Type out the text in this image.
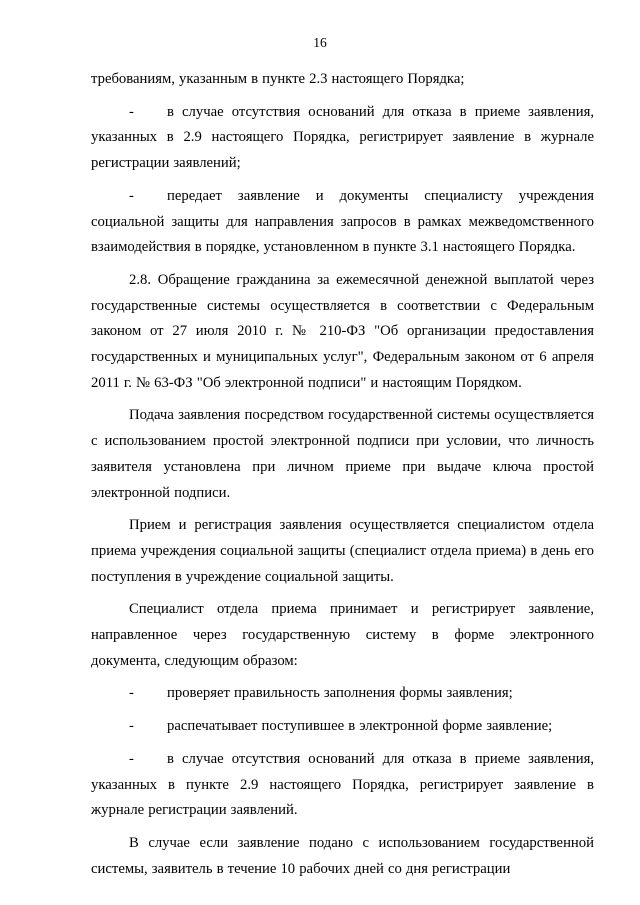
16

требованиям, указанным в пункте 2.3 настоящего Порядка;

- в случае отсутствия оснований для отказа в приеме заявления, указанных в 2.9 настоящего Порядка, регистрирует заявление в журнале регистрации заявлений;

- передает заявление и документы специалисту учреждения социальной защиты для направления запросов в рамках межведомственного взаимодействия в порядке, установленном в пункте 3.1 настоящего Порядка.

2.8. Обращение гражданина за ежемесячной денежной выплатой через государственные системы осуществляется в соответствии с Федеральным законом от 27 июля 2010 г. № 210-ФЗ "Об организации предоставления государственных и муниципальных услуг", Федеральным законом от 6 апреля 2011 г. № 63-ФЗ "Об электронной подписи" и настоящим Порядком.

Подача заявления посредством государственной системы осуществляется с использованием простой электронной подписи при условии, что личность заявителя установлена при личном приеме при выдаче ключа простой электронной подписи.

Прием и регистрация заявления осуществляется специалистом отдела приема учреждения социальной защиты (специалист отдела приема) в день его поступления в учреждение социальной защиты.

Специалист отдела приема принимает и регистрирует заявление, направленное через государственную систему в форме электронного документа, следующим образом:

-	проверяет правильность заполнения формы заявления;

-	распечатывает поступившее в электронной форме заявление;

- в случае отсутствия оснований для отказа в приеме заявления, указанных в пункте 2.9 настоящего Порядка, регистрирует заявление в журнале регистрации заявлений.

В случае если заявление подано с использованием государственной системы, заявитель в течение 10 рабочих дней со дня регистрации
